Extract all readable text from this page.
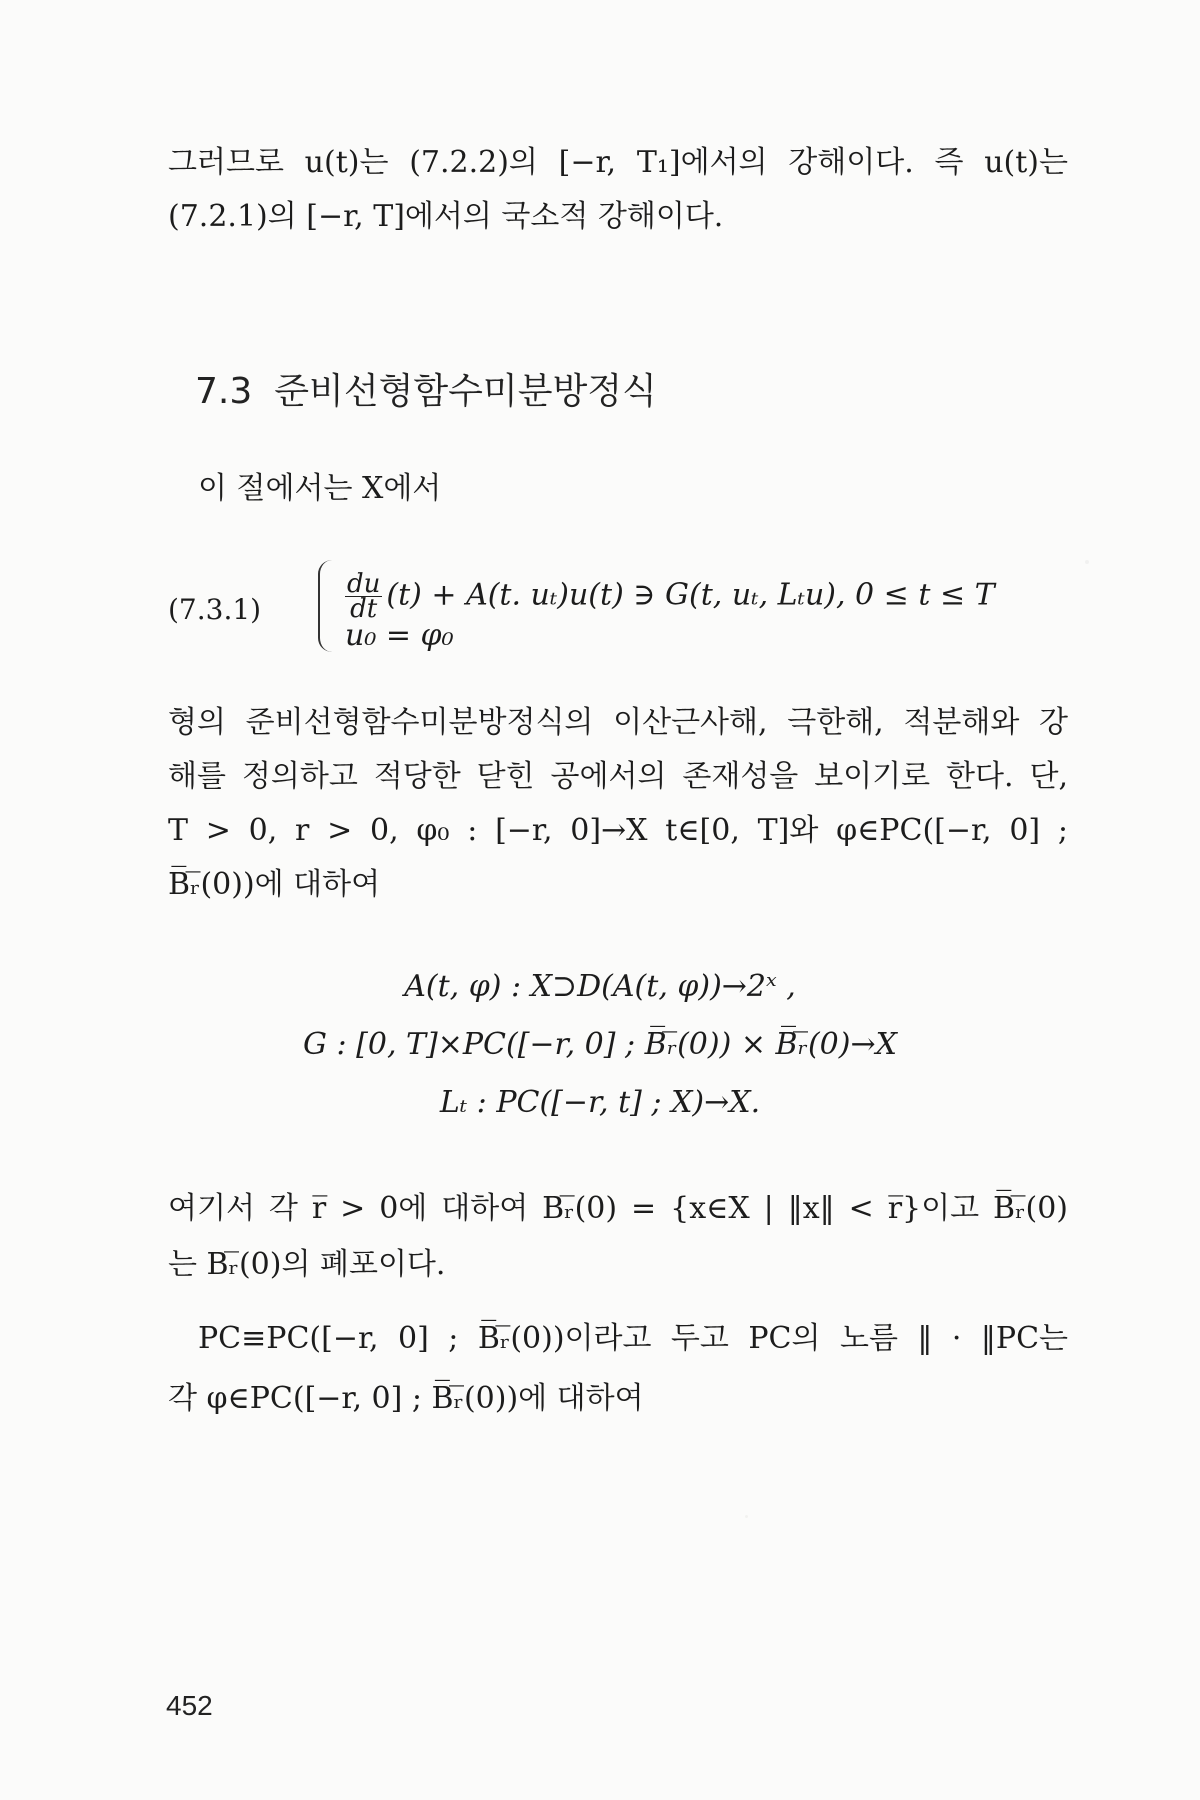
그러므로 u(t)는 (7.2.2)의 [−r, T₁]에서의 강해이다. 즉 u(t)는
(7.2.1)의 [−r, T]에서의 국소적 강해이다.
7.3 준비선형함수미분방정식
이 절에서는 X에서
(7.3.1)	$\frac{du}{dt} (t) + A(t$. uₜ)u(t) ∋ G(t, uₜ, Lₜu), 0 ≤ t ≤ T
u₀ = φ₀
형의 준비선형함수미분방정식의 이산근사해, 극한해, 적분해와 강
해를 정의하고 적당한 닫힌 공에서의 존재성을 보이기로 한다. 단,
T > 0, r > 0, φ₀ : [−r, 0]→X t∈[0, T]와 φ∈PC([−r, 0] ;
B̅ᵣ̅(0))에 대하여
A(t, φ) : X⊃D(A(t, φ))→2ˣ ,
G : [0, T]×PC([−r, 0] ; B̅ᵣ̅(0)) × B̅ᵣ̅(0)→X
Lₜ : PC([−r, t] ; X)→X.
여기서 각 r̅ > 0에 대하여 Bᵣ̅(0) = {x∈X | ‖x‖ < r̅}이고 B̅ᵣ̅(0)
는 Bᵣ̅(0)의 폐포이다.
PC≡PC([−r, 0] ; B̅ᵣ̅(0))이라고 두고 PC의 노름 ‖ · ‖PC는
각 φ∈PC([−r, 0] ; B̅ᵣ̅(0))에 대하여
452
